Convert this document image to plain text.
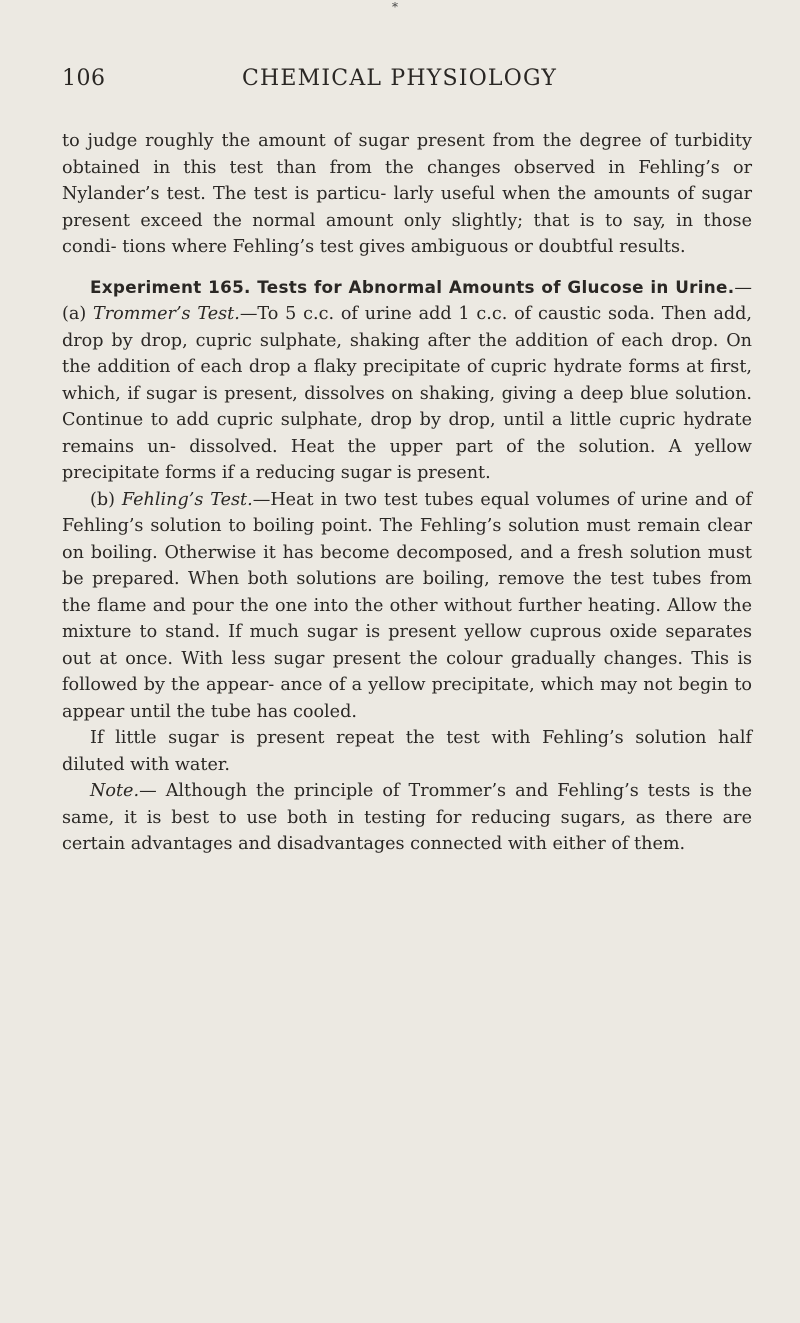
*
106	CHEMICAL PHYSIOLOGY

to judge roughly the amount of sugar present from the degree of turbidity obtained in this test than from the changes observed in Fehling’s or Nylander’s test. The test is particu- larly useful when the amounts of sugar present exceed the normal amount only slightly; that is to say, in those condi- tions where Fehling’s test gives ambiguous or doubtful results.

Experiment 165. Tests for Abnormal Amounts of Glucose in Urine.—(a) Trommer’s Test.—To 5 c.c. of urine add 1 c.c. of caustic soda. Then add, drop by drop, cupric sulphate, shaking after the addition of each drop. On the addition of each drop a flaky precipitate of cupric hydrate forms at first, which, if sugar is present, dissolves on shaking, giving a deep blue solution. Continue to add cupric sulphate, drop by drop, until a little cupric hydrate remains un- dissolved. Heat the upper part of the solution. A yellow precipitate forms if a reducing sugar is present.

(b) Fehling’s Test.—Heat in two test tubes equal volumes of urine and of Fehling’s solution to boiling point. The Fehling’s solution must remain clear on boiling. Otherwise it has become decomposed, and a fresh solution must be prepared. When both solutions are boiling, remove the test tubes from the flame and pour the one into the other without further heating. Allow the mixture to stand. If much sugar is present yellow cuprous oxide separates out at once. With less sugar present the colour gradually changes. This is followed by the appear- ance of a yellow precipitate, which may not begin to appear until the tube has cooled.

If little sugar is present repeat the test with Fehling’s solution half diluted with water.

Note.— Although the principle of Trommer’s and Fehling’s tests is the same, it is best to use both in testing for reducing sugars, as there are certain advantages and disadvantages connected with either of them.
